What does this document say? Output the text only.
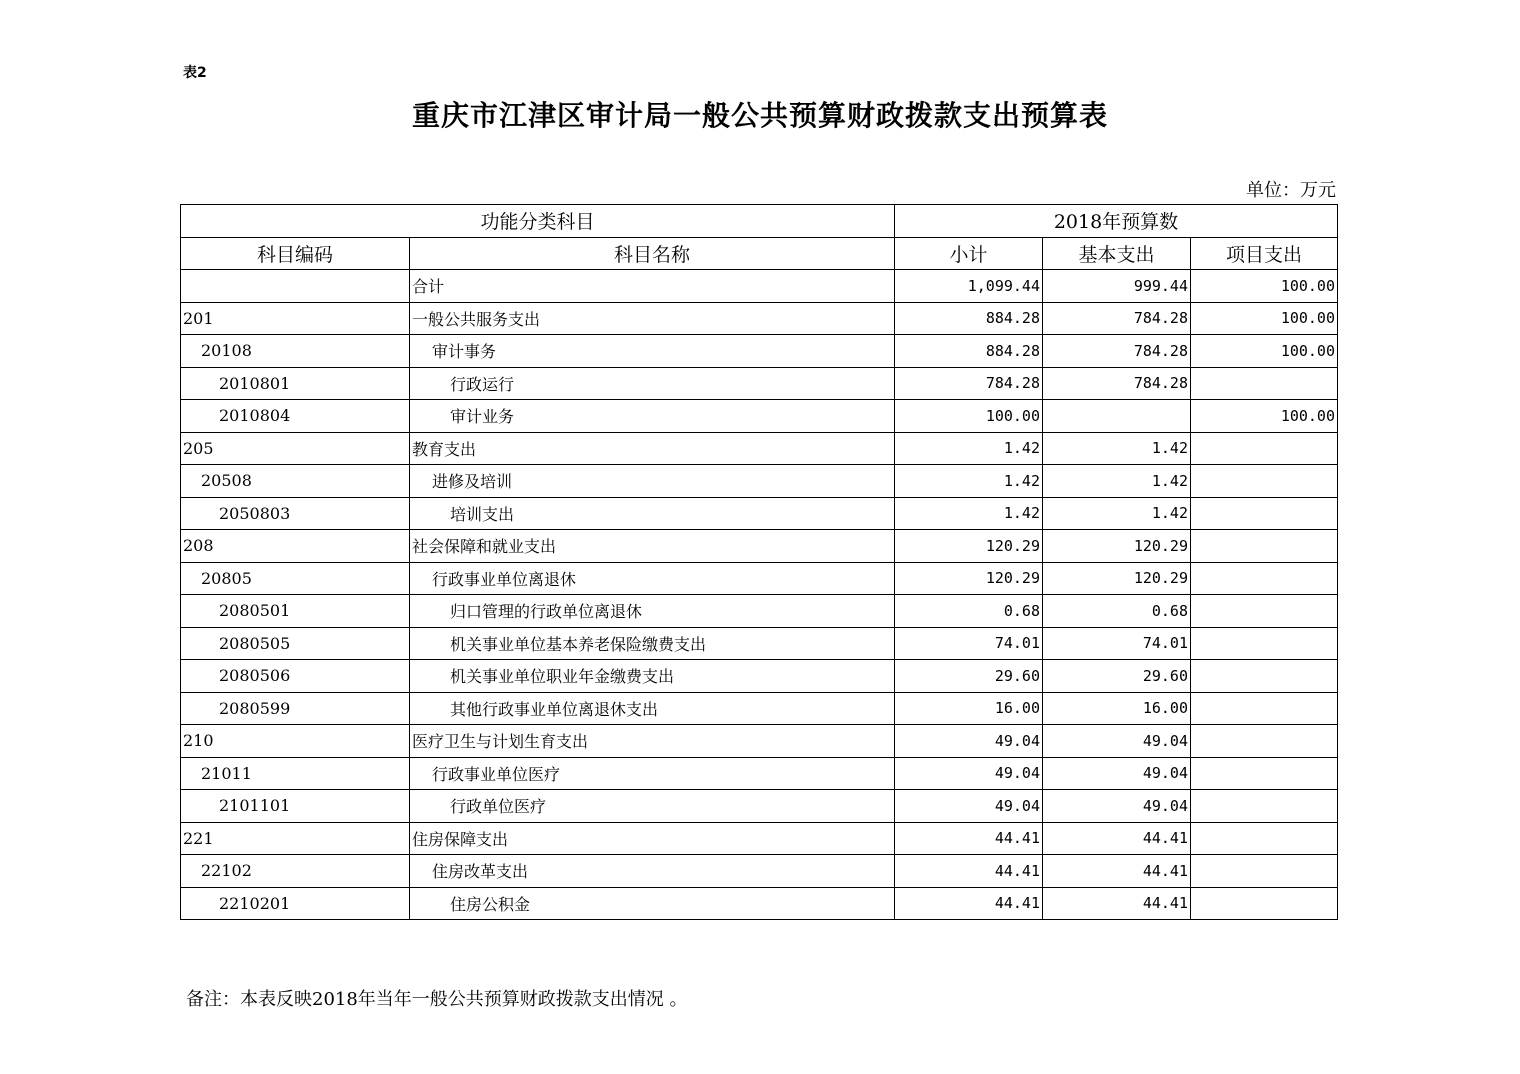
表2
重庆市江津区审计局一般公共预算财政拨款支出预算表
单位：万元
功能分类科目		2018年预算数		
科目编码	科目名称	小计	基本支出	项目支出
	合计	1,099.44	999.44	100.00
201	一般公共服务支出	884.28	784.28	100.00
20108	审计事务	884.28	784.28	100.00
2010801	行政运行	784.28	784.28	
2010804	审计业务	100.00		100.00
205	教育支出	1.42	1.42	
20508	进修及培训	1.42	1.42	
2050803	培训支出	1.42	1.42	
208	社会保障和就业支出	120.29	120.29	
20805	行政事业单位离退休	120.29	120.29	
2080501	归口管理的行政单位离退休	0.68	0.68	
2080505	机关事业单位基本养老保险缴费支出	74.01	74.01	
2080506	机关事业单位职业年金缴费支出	29.60	29.60	
2080599	其他行政事业单位离退休支出	16.00	16.00	
210	医疗卫生与计划生育支出	49.04	49.04	
21011	行政事业单位医疗	49.04	49.04	
2101101	行政单位医疗	49.04	49.04	
221	住房保障支出	44.41	44.41	
22102	住房改革支出	44.41	44.41	
2210201	住房公积金	44.41	44.41	
备注：本表反映2018年当年一般公共预算财政拨款支出情况 。
